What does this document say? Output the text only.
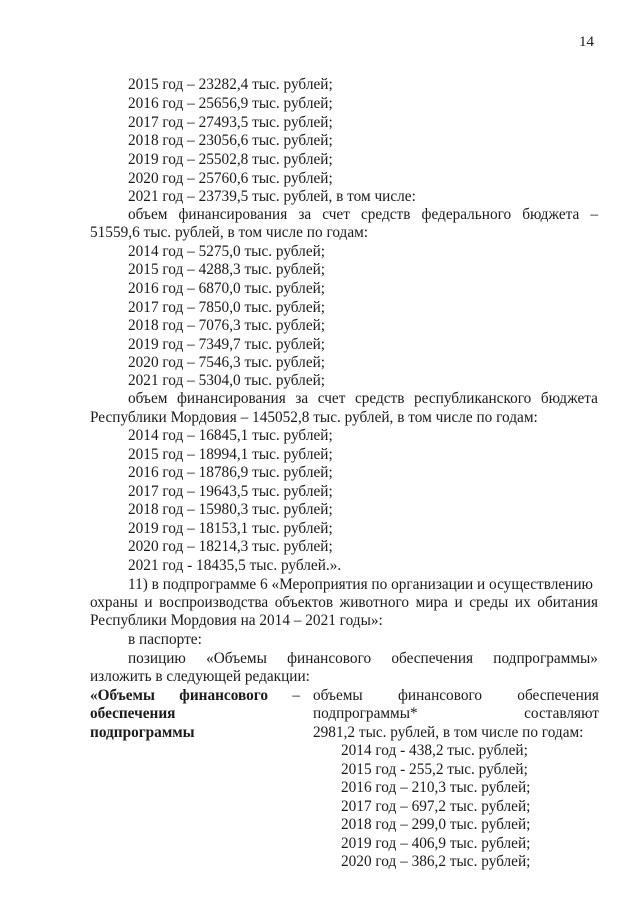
14
2015 год – 23282,4 тыс. рублей;
2016 год – 25656,9 тыс. рублей;
2017 год – 27493,5 тыс. рублей;
2018 год – 23056,6 тыс. рублей;
2019 год – 25502,8 тыс. рублей;
2020 год – 25760,6 тыс. рублей;
2021 год – 23739,5 тыс. рублей, в том числе:
объем финансирования за счет средств федерального бюджета –
51559,6 тыс. рублей, в том числе по годам:
2014 год – 5275,0 тыс. рублей;
2015 год – 4288,3 тыс. рублей;
2016 год – 6870,0 тыс. рублей;
2017 год – 7850,0 тыс. рублей;
2018 год – 7076,3 тыс. рублей;
2019 год – 7349,7 тыс. рублей;
2020 год – 7546,3 тыс. рублей;
2021 год – 5304,0 тыс. рублей;
объем финансирования за счет средств республиканского бюджета
Республики Мордовия – 145052,8 тыс. рублей, в том числе по годам:
2014 год – 16845,1 тыс. рублей;
2015 год – 18994,1 тыс. рублей;
2016 год – 18786,9 тыс. рублей;
2017 год – 19643,5 тыс. рублей;
2018 год – 15980,3 тыс. рублей;
2019 год – 18153,1 тыс. рублей;
2020 год – 18214,3 тыс. рублей;
2021 год - 18435,5 тыс. рублей.».
11) в подпрограмме 6 «Мероприятия по организации и осуществлению
охраны и воспроизводства объектов животного мира и среды их обитания
Республики Мордовия на 2014 – 2021 годы»:
в паспорте:
позицию «Объемы финансового обеспечения подпрограммы»
изложить в следующей редакции:
«Объемы финансового –
обеспечения
подпрограммы
объемы финансового обеспечения
подпрограммы*	составляют
2981,2 тыс. рублей, в том числе по годам:
2014 год - 438,2 тыс. рублей;
2015 год - 255,2 тыс. рублей;
2016 год – 210,3 тыс. рублей;
2017 год – 697,2 тыс. рублей;
2018 год – 299,0 тыс. рублей;
2019 год – 406,9 тыс. рублей;
2020 год – 386,2 тыс. рублей;
